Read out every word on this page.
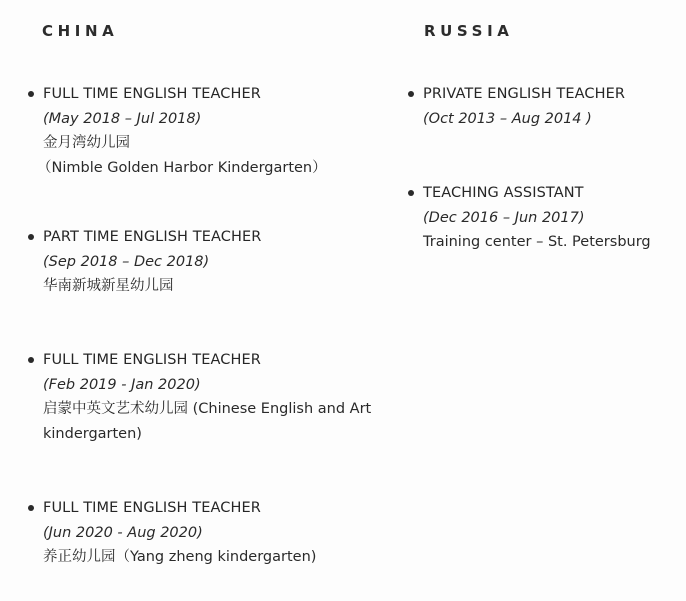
CHINA
FULL TIME ENGLISH TEACHER
(May 2018 – Jul 2018)
金月湾幼儿园
（Nimble Golden Harbor Kindergarten）
PART TIME ENGLISH TEACHER
(Sep 2018 – Dec 2018)
华南新城新星幼儿园
FULL TIME ENGLISH TEACHER
(Feb 2019 - Jan 2020)
启蒙中英文艺术幼儿园 (Chinese English and Art kindergarten)
FULL TIME ENGLISH TEACHER
(Jun 2020 - Aug 2020)
养正幼儿园（Yang zheng kindergarten)
RUSSIA
PRIVATE ENGLISH TEACHER
(Oct 2013 – Aug 2014 )
TEACHING ASSISTANT
(Dec 2016 – Jun 2017)
Training center – St. Petersburg
